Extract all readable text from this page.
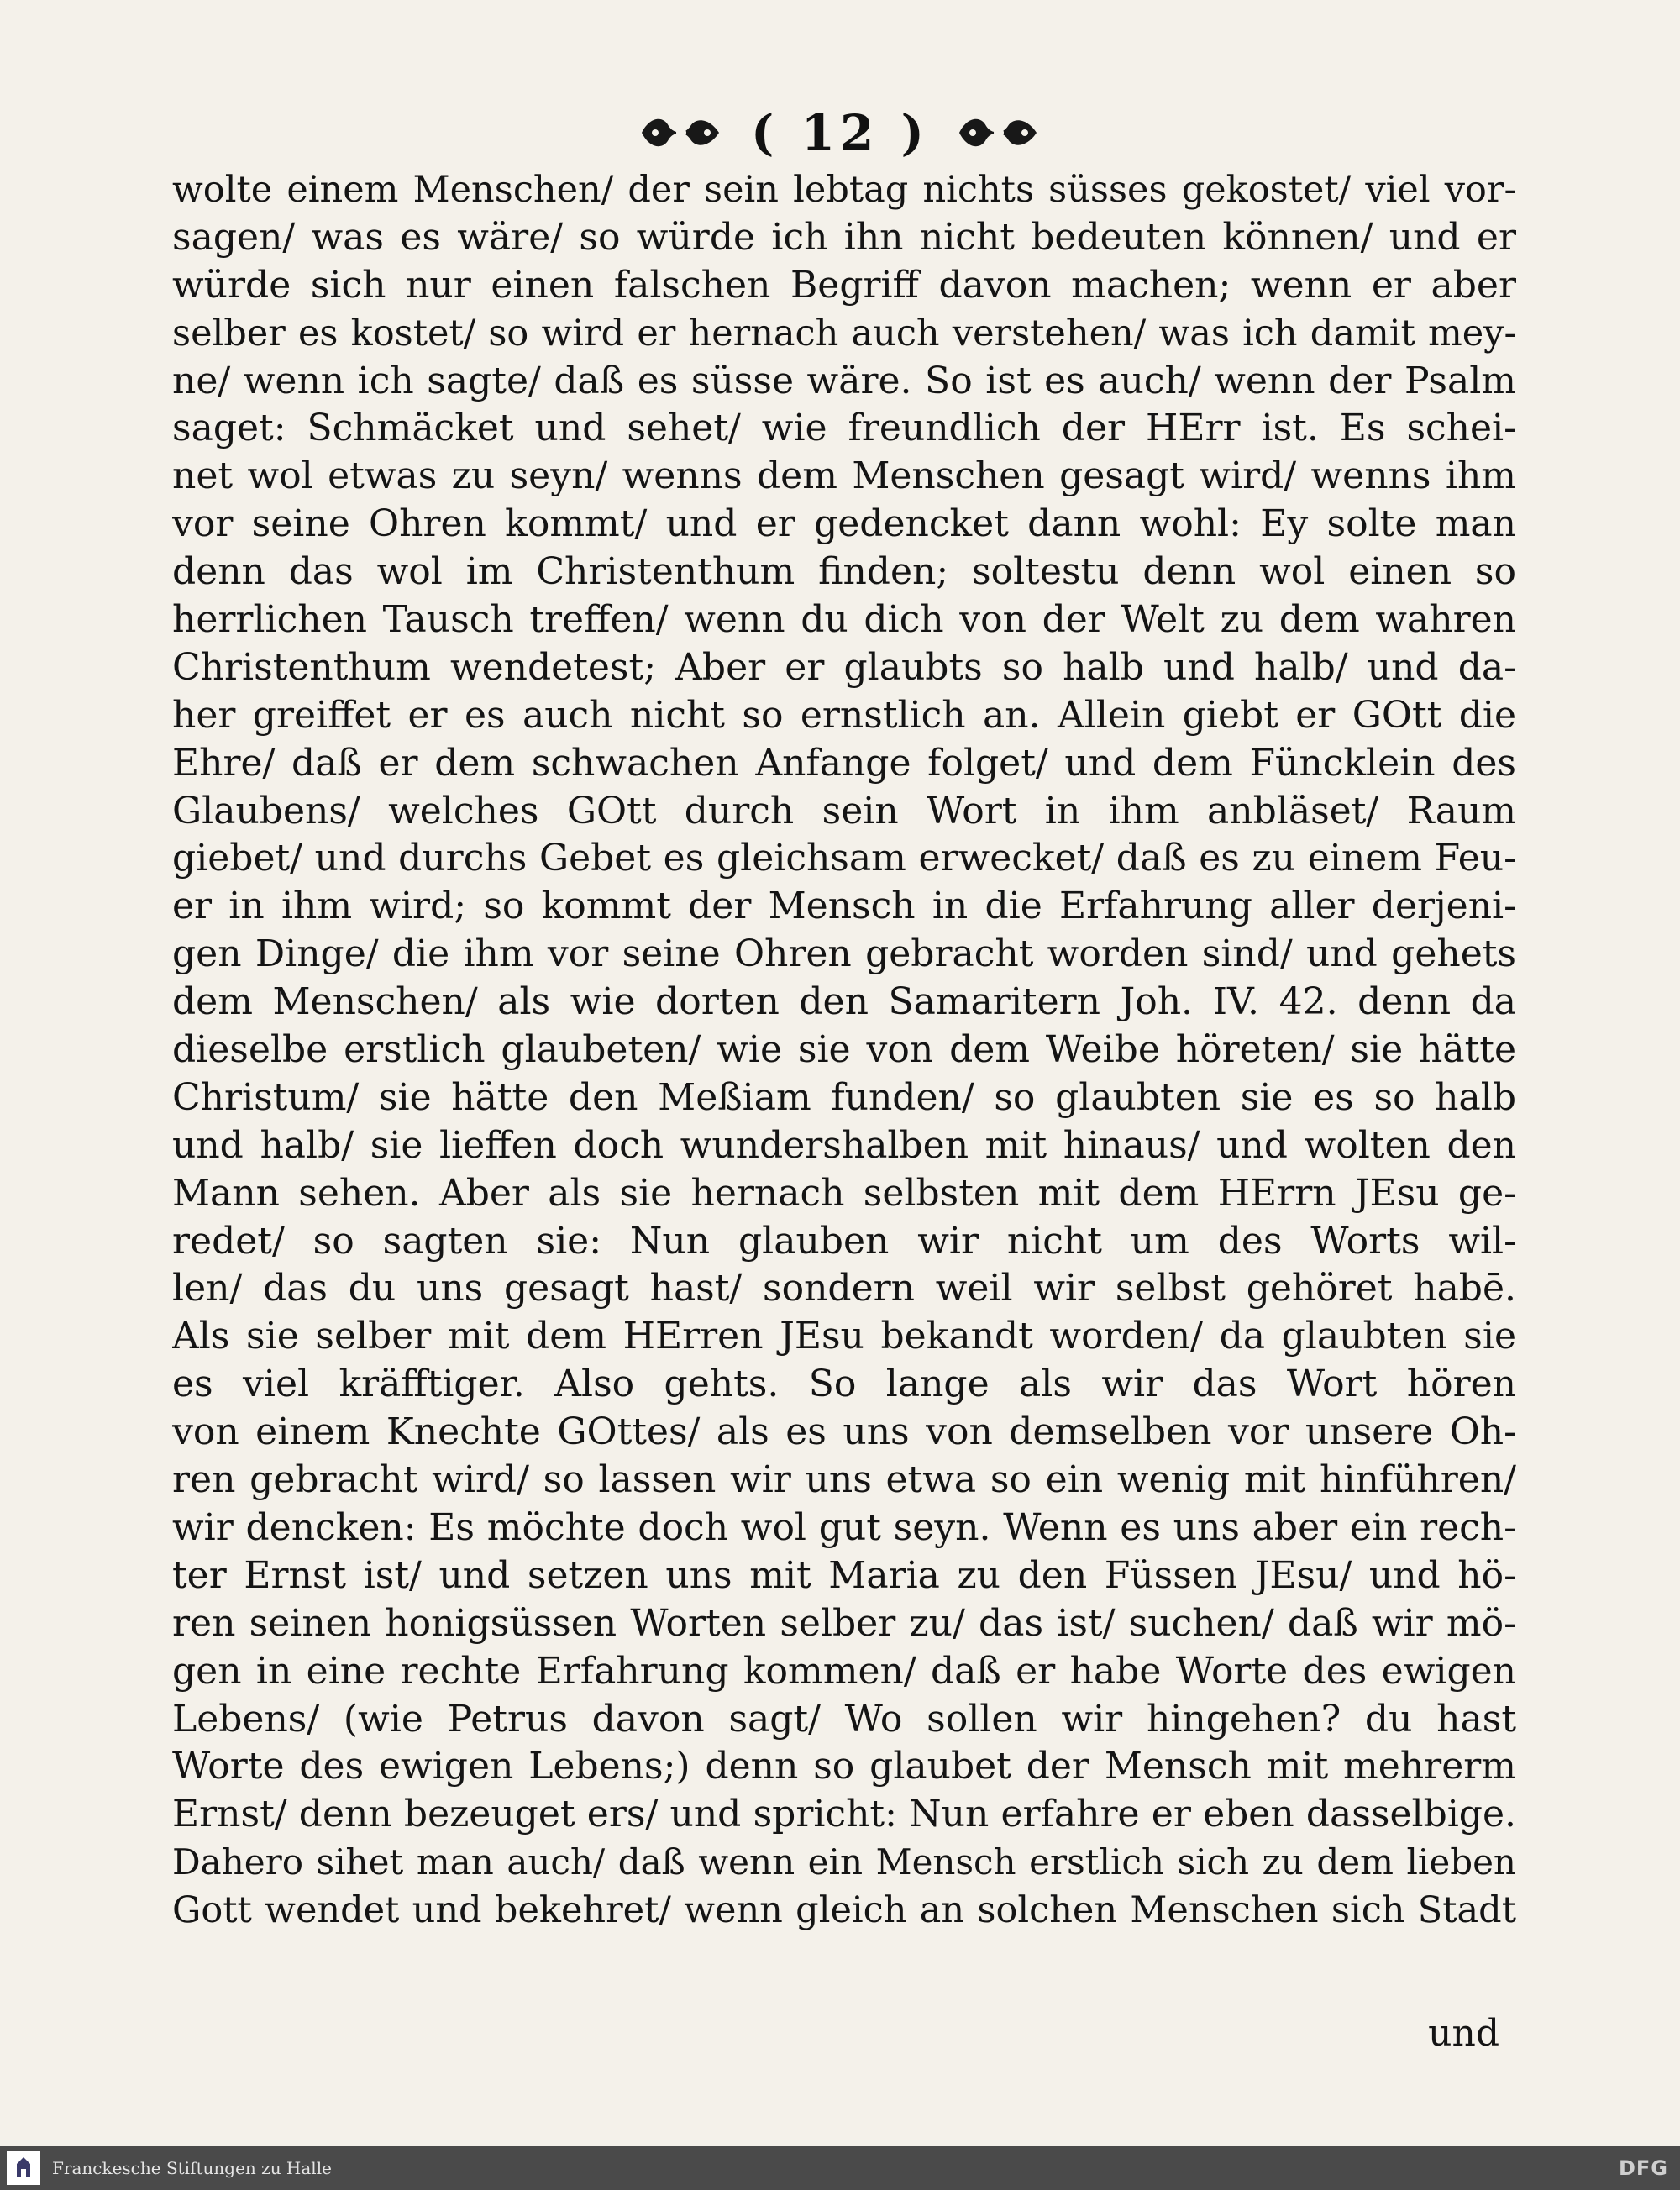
( 12 )
wolte einem Menschen/ der sein lebtag nichts süsses gekostet/ viel vor-
sagen/ was es wäre/ so würde ich ihn nicht bedeuten können/ und er
würde sich nur einen falschen Begriff davon machen; wenn er aber
selber es kostet/ so wird er hernach auch verstehen/ was ich damit mey-
ne/ wenn ich sagte/ daß es süsse wäre. So ist es auch/ wenn der Psalm
saget: Schmäcket und sehet/ wie freundlich der HErr ist. Es schei-
net wol etwas zu seyn/ wenns dem Menschen gesagt wird/ wenns ihm
vor seine Ohren kommt/ und er gedencket dann wohl: Ey solte man
denn das wol im Christenthum finden; soltestu denn wol einen so
herrlichen Tausch treffen/ wenn du dich von der Welt zu dem wahren
Christenthum wendetest; Aber er glaubts so halb und halb/ und da-
her greiffet er es auch nicht so ernstlich an. Allein giebt er GOtt die
Ehre/ daß er dem schwachen Anfange folget/ und dem Füncklein des
Glaubens/ welches GOtt durch sein Wort in ihm anbläset/ Raum
giebet/ und durchs Gebet es gleichsam erwecket/ daß es zu einem Feu-
er in ihm wird; so kommt der Mensch in die Erfahrung aller derjeni-
gen Dinge/ die ihm vor seine Ohren gebracht worden sind/ und gehets
dem Menschen/ als wie dorten den Samaritern Joh. IV. 42. denn da
dieselbe erstlich glaubeten/ wie sie von dem Weibe höreten/ sie hätte
Christum/ sie hätte den Meßiam funden/ so glaubten sie es so halb
und halb/ sie lieffen doch wundershalben mit hinaus/ und wolten den
Mann sehen. Aber als sie hernach selbsten mit dem HErrn JEsu ge-
redet/ so sagten sie: Nun glauben wir nicht um des Worts wil-
len/ das du uns gesagt hast/ sondern weil wir selbst gehöret habē.
Als sie selber mit dem HErren JEsu bekandt worden/ da glaubten sie
es viel kräfftiger. Also gehts. So lange als wir das Wort hören
von einem Knechte GOttes/ als es uns von demselben vor unsere Oh-
ren gebracht wird/ so lassen wir uns etwa so ein wenig mit hinführen/
wir dencken: Es möchte doch wol gut seyn. Wenn es uns aber ein rech-
ter Ernst ist/ und setzen uns mit Maria zu den Füssen JEsu/ und hö-
ren seinen honigsüssen Worten selber zu/ das ist/ suchen/ daß wir mö-
gen in eine rechte Erfahrung kommen/ daß er habe Worte des ewigen
Lebens/ (wie Petrus davon sagt/ Wo sollen wir hingehen? du hast
Worte des ewigen Lebens;) denn so glaubet der Mensch mit mehrerm
Ernst/ denn bezeuget ers/ und spricht: Nun erfahre er eben dasselbige.
Dahero sihet man auch/ daß wenn ein Mensch erstlich sich zu dem lieben
Gott wendet und bekehret/ wenn gleich an solchen Menschen sich Stadt
und
Franckesche Stiftungen zu Halle	DFG
